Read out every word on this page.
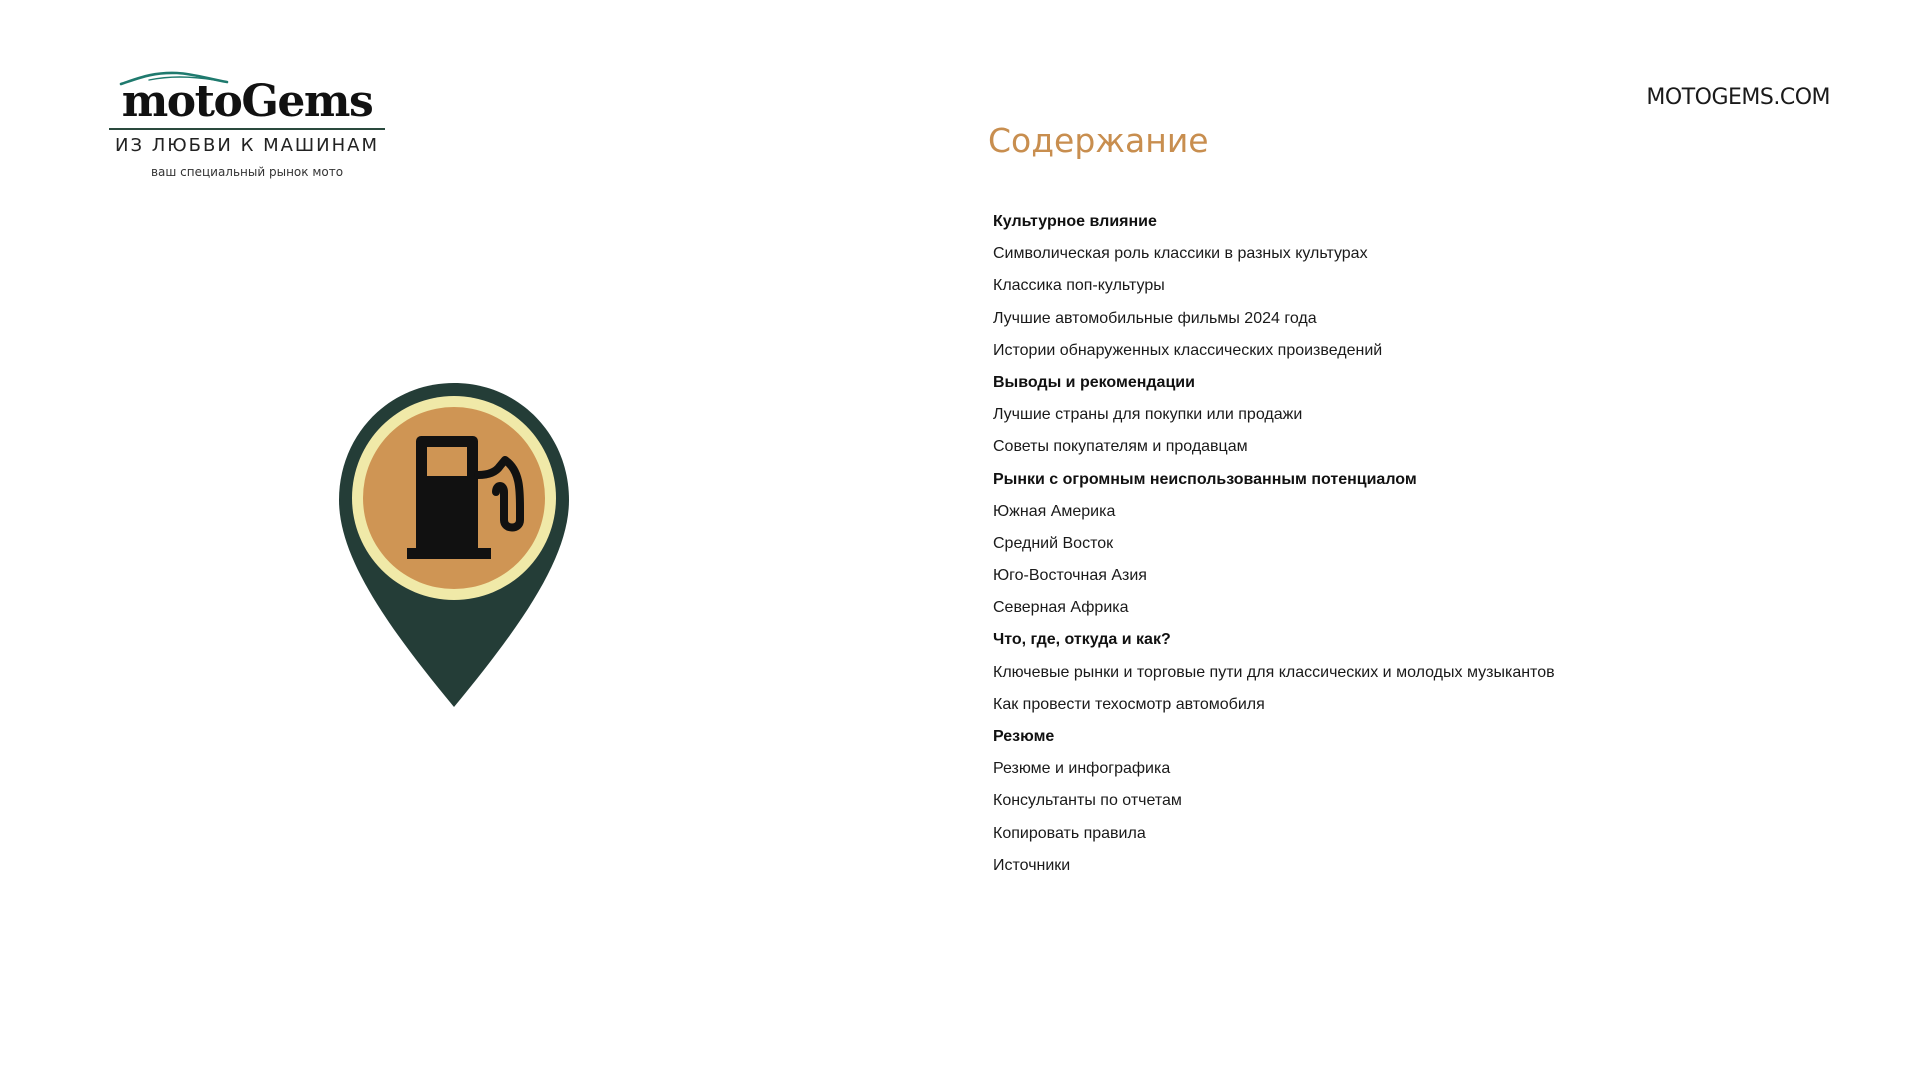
motoGems
ИЗ ЛЮБВИ К МАШИНАМ
ваш специальный рынок мото
MOTOGEMS.COM
Содержание
Культурное влияние
Символическая роль классики в разных культурах
Классика поп-культуры
Лучшие автомобильные фильмы 2024 года
Истории обнаруженных классических произведений
Выводы и рекомендации
Лучшие страны для покупки или продажи
Советы покупателям и продавцам
Рынки с огромным неиспользованным потенциалом
Южная Америка
Средний Восток
Юго-Восточная Азия
Северная Африка
Что, где, откуда и как?
Ключевые рынки и торговые пути для классических и молодых музыкантов
Как провести техосмотр автомобиля
Резюме
Резюме и инфографика
Консультанты по отчетам
Копировать правила
Источники
